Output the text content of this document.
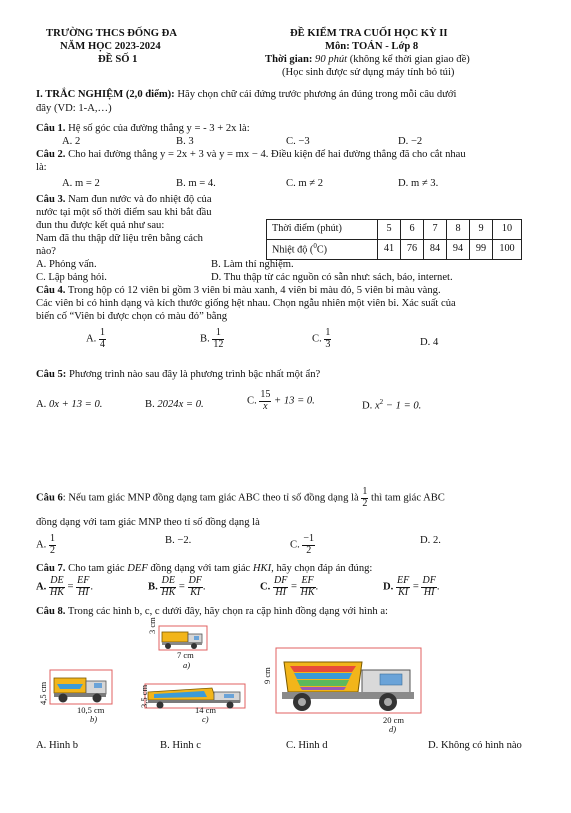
TRƯỜNG THCS ĐỐNG ĐA
NĂM HỌC 2023-2024
ĐỀ SỐ 1
ĐỀ KIỂM TRA CUỐI HỌC KỲ II
Môn: TOÁN - Lớp 8
Thời gian: 90 phút (không kể thời gian giao đề)
(Học sinh được sử dụng máy tính bỏ túi)
I. TRẮC NGHIỆM (2,0 điểm): Hãy chọn chữ cái đứng trước phương án đúng trong mỗi câu dưới
đây (VD: 1-A,…)
Câu 1. Hệ số góc của đường thẳng y = - 3 + 2x là:
A. 2	B. 3	C. −3	D. −2
Câu 2. Cho hai đường thẳng y = 2x + 3 và y = mx − 4. Điều kiện để hai đường thẳng đã cho cắt nhau
là:
A. m = 2	B. m = 4.	C. m ≠ 2	D. m ≠ 3.
Câu 3. Nam đun nước và đo nhiệt độ của
nước tại một số thời điểm sau khi bắt đầu
đun thu được kết quả như sau:
Nam đã thu thập dữ liệu trên bằng cách
nào?
Thời điểm (phút)	5	6	7	8	9	10
Nhiệt độ ($^0$C)	41	76	84	94	99	100
A. Phỏng vấn.	B. Làm thí nghiệm.
C. Lập bảng hỏi.	D. Thu thập từ các nguồn có sẵn như: sách, báo, internet.
Câu 4. Trong hộp có 12 viên bi gồm 3 viên bi màu xanh, 4 viên bi màu đỏ, 5 viên bi màu vàng.
Các viên bi có hình dạng và kích thước giống hệt nhau. Chọn ngẫu nhiên một viên bi. Xác suất của
biến cố “Viên bi được chọn có màu đỏ” bằng
A. $\frac{1}{4}$	B. $\frac{1}{12}$	C. $\frac{1}{3}$	D. 4
Câu 5: Phương trình nào sau đây là phương trình bậc nhất một ẩn?
A. 0x + 13 = 0.	B. 2024x = 0.	C. $\frac{15}{x} + 13 = 0$.	D. $x^2 - 1 = 0$.
Câu 6: Nếu tam giác MNP đồng dạng tam giác ABC theo tỉ số đồng dạng là $\frac{1}{2}$ thì tam giác ABC
đồng dạng với tam giác MNP theo tỉ số đồng dạng là
A. $\frac{1}{2}$	B. −2.	C. $\frac{-1}{2}$	D. 2.
Câu 7. Cho tam giác DEF đồng dạng với tam giác HKI, hãy chọn đáp án đúng:
A. $\frac{DE}{HK} = \frac{EF}{HI}$ .	B. $\frac{DE}{HK} = \frac{DF}{KI}$ .	C. $\frac{DF}{HI} = \frac{EF}{HK}$ .	D. $\frac{EF}{KI} = \frac{DF}{HI}$ .
Câu 8. Trong các hình b, c, c dưới đây, hãy chọn ra cặp hình đồng dạng với hình a:
7 cm
a)
3 cm
10,5 cm
b)
4,5 cm
14 cm
c)
3,5 cm
20 cm
d)
9 cm
A. Hình b	B. Hình c	C. Hình d	D. Không có hình nào
